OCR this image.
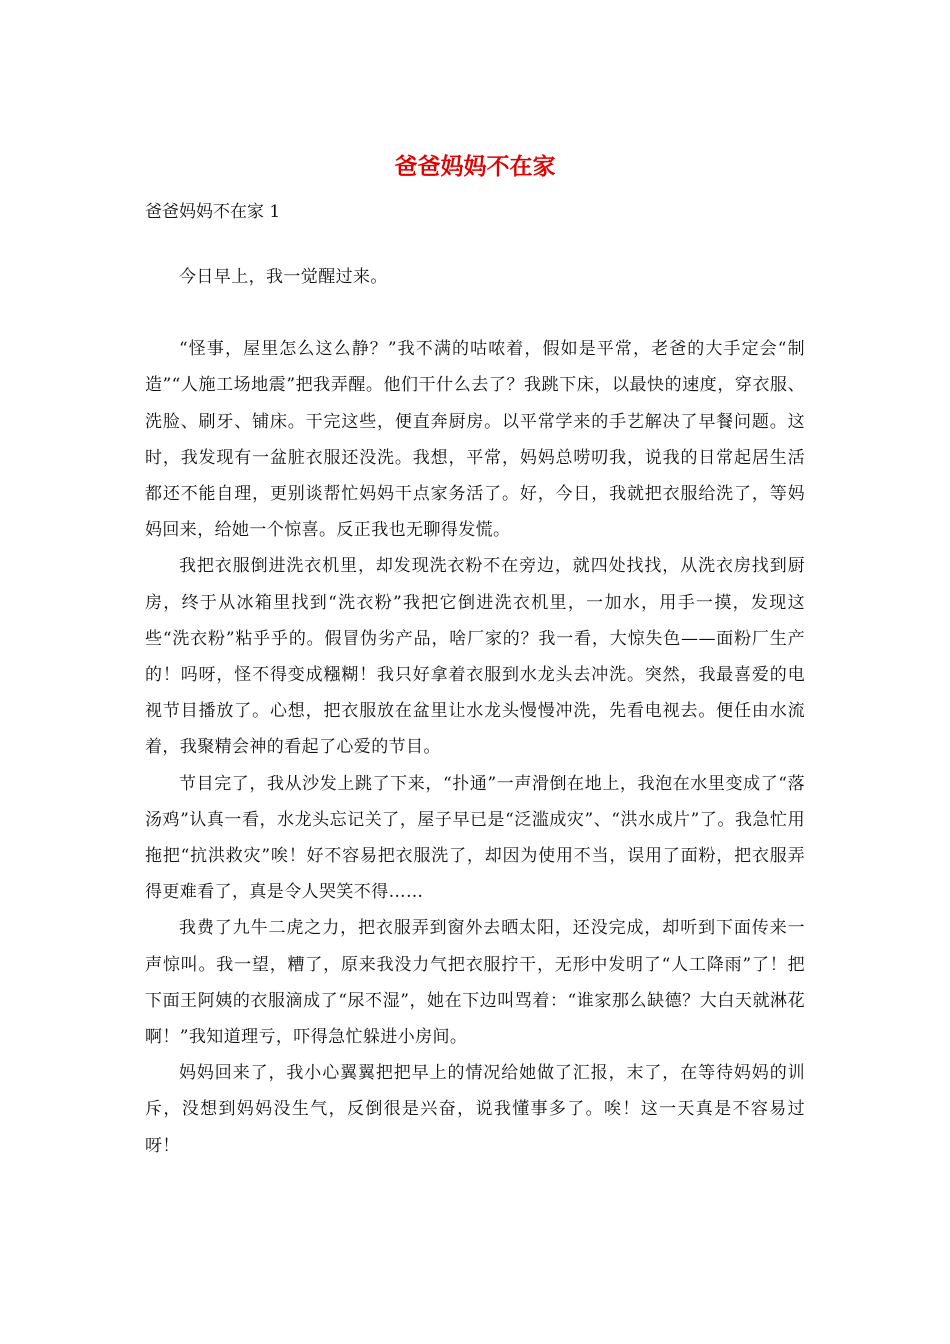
爸爸妈妈不在家
爸爸妈妈不在家 1

今日早上，我一觉醒过来。

“怪事，屋里怎么这么静？”我不满的咕哝着，假如是平常，老爸的大手定会“制造”“人施工场地震”把我弄醒。他们干什么去了？我跳下床，以最快的速度，穿衣服、洗脸、刷牙、铺床。干完这些，便直奔厨房。以平常学来的手艺解决了早餐问题。这时，我发现有一盆脏衣服还没洗。我想，平常，妈妈总唠叨我，说我的日常起居生活都还不能自理，更别谈帮忙妈妈干点家务活了。好，今日，我就把衣服给洗了，等妈妈回来，给她一个惊喜。反正我也无聊得发慌。

我把衣服倒进洗衣机里，却发现洗衣粉不在旁边，就四处找找，从洗衣房找到厨房，终于从冰箱里找到“洗衣粉”我把它倒进洗衣机里，一加水，用手一摸，发现这些“洗衣粉”粘乎乎的。假冒伪劣产品，啥厂家的？我一看，大惊失色——面粉厂生产的！吗呀，怪不得变成糨糊！我只好拿着衣服到水龙头去冲洗。突然，我最喜爱的电视节目播放了。心想，把衣服放在盆里让水龙头慢慢冲洗，先看电视去。便任由水流着，我聚精会神的看起了心爱的节目。

节目完了，我从沙发上跳了下来，“扑通”一声滑倒在地上，我泡在水里变成了“落汤鸡”认真一看，水龙头忘记关了，屋子早已是“泛滥成灾”、“洪水成片”了。我急忙用拖把“抗洪救灾”唉！好不容易把衣服洗了，却因为使用不当，误用了面粉，把衣服弄得更难看了，真是令人哭笑不得……

我费了九牛二虎之力，把衣服弄到窗外去晒太阳，还没完成，却听到下面传来一声惊叫。我一望，糟了，原来我没力气把衣服拧干，无形中发明了“人工降雨”了！把下面王阿姨的衣服滴成了“尿不湿”，她在下边叫骂着：“谁家那么缺德？大白天就淋花啊！”我知道理亏，吓得急忙躲进小房间。

妈妈回来了，我小心翼翼把把早上的情况给她做了汇报，末了，在等待妈妈的训斥，没想到妈妈没生气，反倒很是兴奋，说我懂事多了。唉！这一天真是不容易过呀！
